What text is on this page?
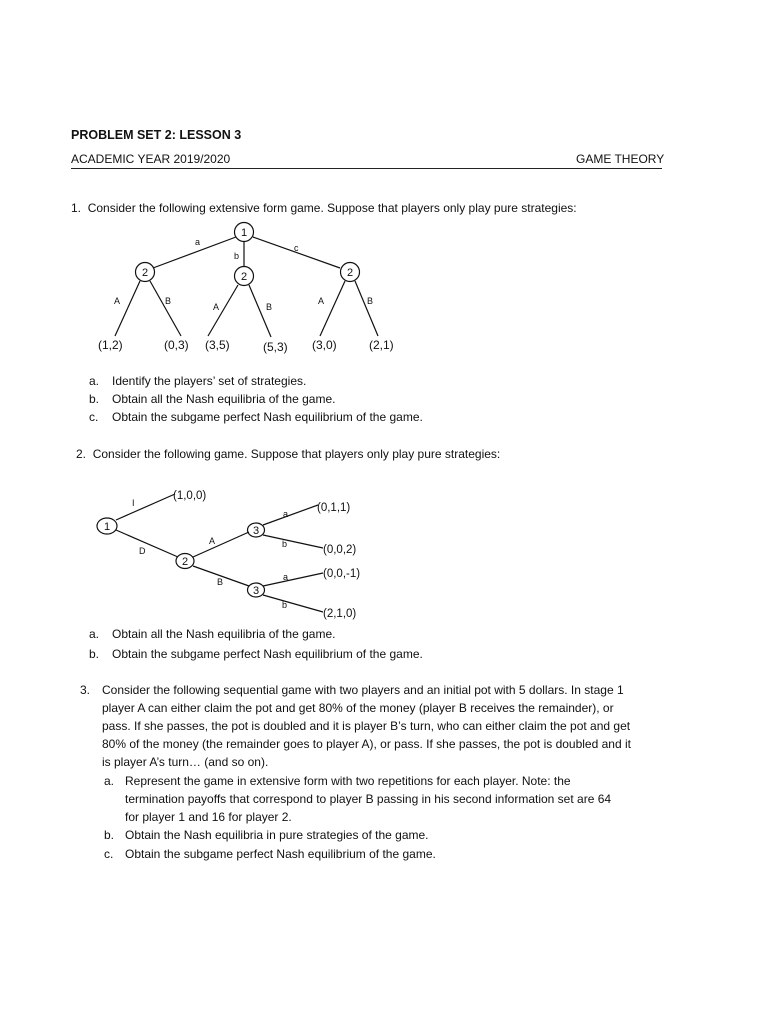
PROBLEM SET 2: LESSON 3
ACADEMIC YEAR 2019/2020	GAME THEORY
1. Consider the following extensive form game. Suppose that players only play pure strategies:
1
2	2	2
a
b
c
A	B
A	B
A	B
(1,2)	(0,3) (3,5)	(5,3) (3,0)	(2,1)
1
2
3
3
I
D
A
B
a
b
a
b
(1,0,0)
(0,1,1)
(0,0,2)
(0,0,-1)
(2,1,0)
a. Identify the players’ set of strategies.
b. Obtain all the Nash equilibria of the game.
c. Obtain the subgame perfect Nash equilibrium of the game.
2. Consider the following game. Suppose that players only play pure strategies:
a. Obtain all the Nash equilibria of the game.
b. Obtain the subgame perfect Nash equilibrium of the game.
3. Consider the following sequential game with two players and an initial pot with 5 dollars. In stage 1
player A can either claim the pot and get 80% of the money (player B receives the remainder), or
pass. If she passes, the pot is doubled and it is player B’s turn, who can either claim the pot and get
80% of the money (the remainder goes to player A), or pass. If she passes, the pot is doubled and it
is player A’s turn… (and so on).
a. Represent the game in extensive form with two repetitions for each player. Note: the
termination payoffs that correspond to player B passing in his second information set are 64
for player 1 and 16 for player 2.
b. Obtain the Nash equilibria in pure strategies of the game.
c. Obtain the subgame perfect Nash equilibrium of the game.
